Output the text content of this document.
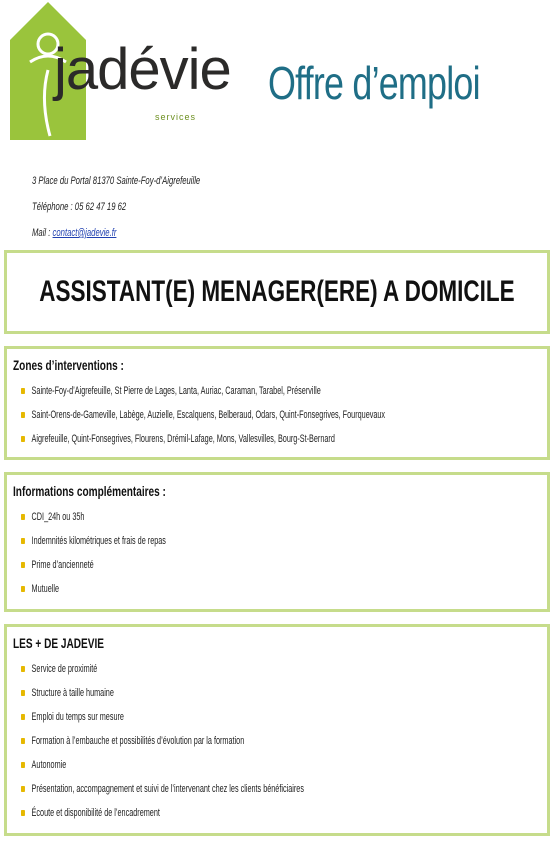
jadévie
services
Offre d’emploi
3 Place du Portal 81370 Sainte-Foy-d’Aigrefeuille
Téléphone : 05 62 47 19 62
Mail : contact@jadevie.fr
ASSISTANT(E) MENAGER(ERE) A DOMICILE
Zones d’interventions :
Sainte-Foy-d’Aigrefeuille, St Pierre de Lages, Lanta, Auriac, Caraman, Tarabel, Préserville
Saint-Orens-de-Gameville, Labège, Auzielle, Escalquens, Belberaud, Odars, Quint-Fonsegrives, Fourquevaux
Aigrefeuille, Quint-Fonsegrives, Flourens, Drémil-Lafage, Mons, Vallesvilles, Bourg-St-Bernard
Informations complémentaires :
CDI_24h ou 35h
Indemnités kilométriques et frais de repas
Prime d’ancienneté
Mutuelle
LES + DE JADEVIE
Service de proximité
Structure à taille humaine
Emploi du temps sur mesure
Formation à l’embauche et possibilités d’évolution par la formation
Autonomie
Présentation, accompagnement et suivi de l’intervenant chez les clients bénéficiaires
Écoute et disponibilité de l’encadrement
